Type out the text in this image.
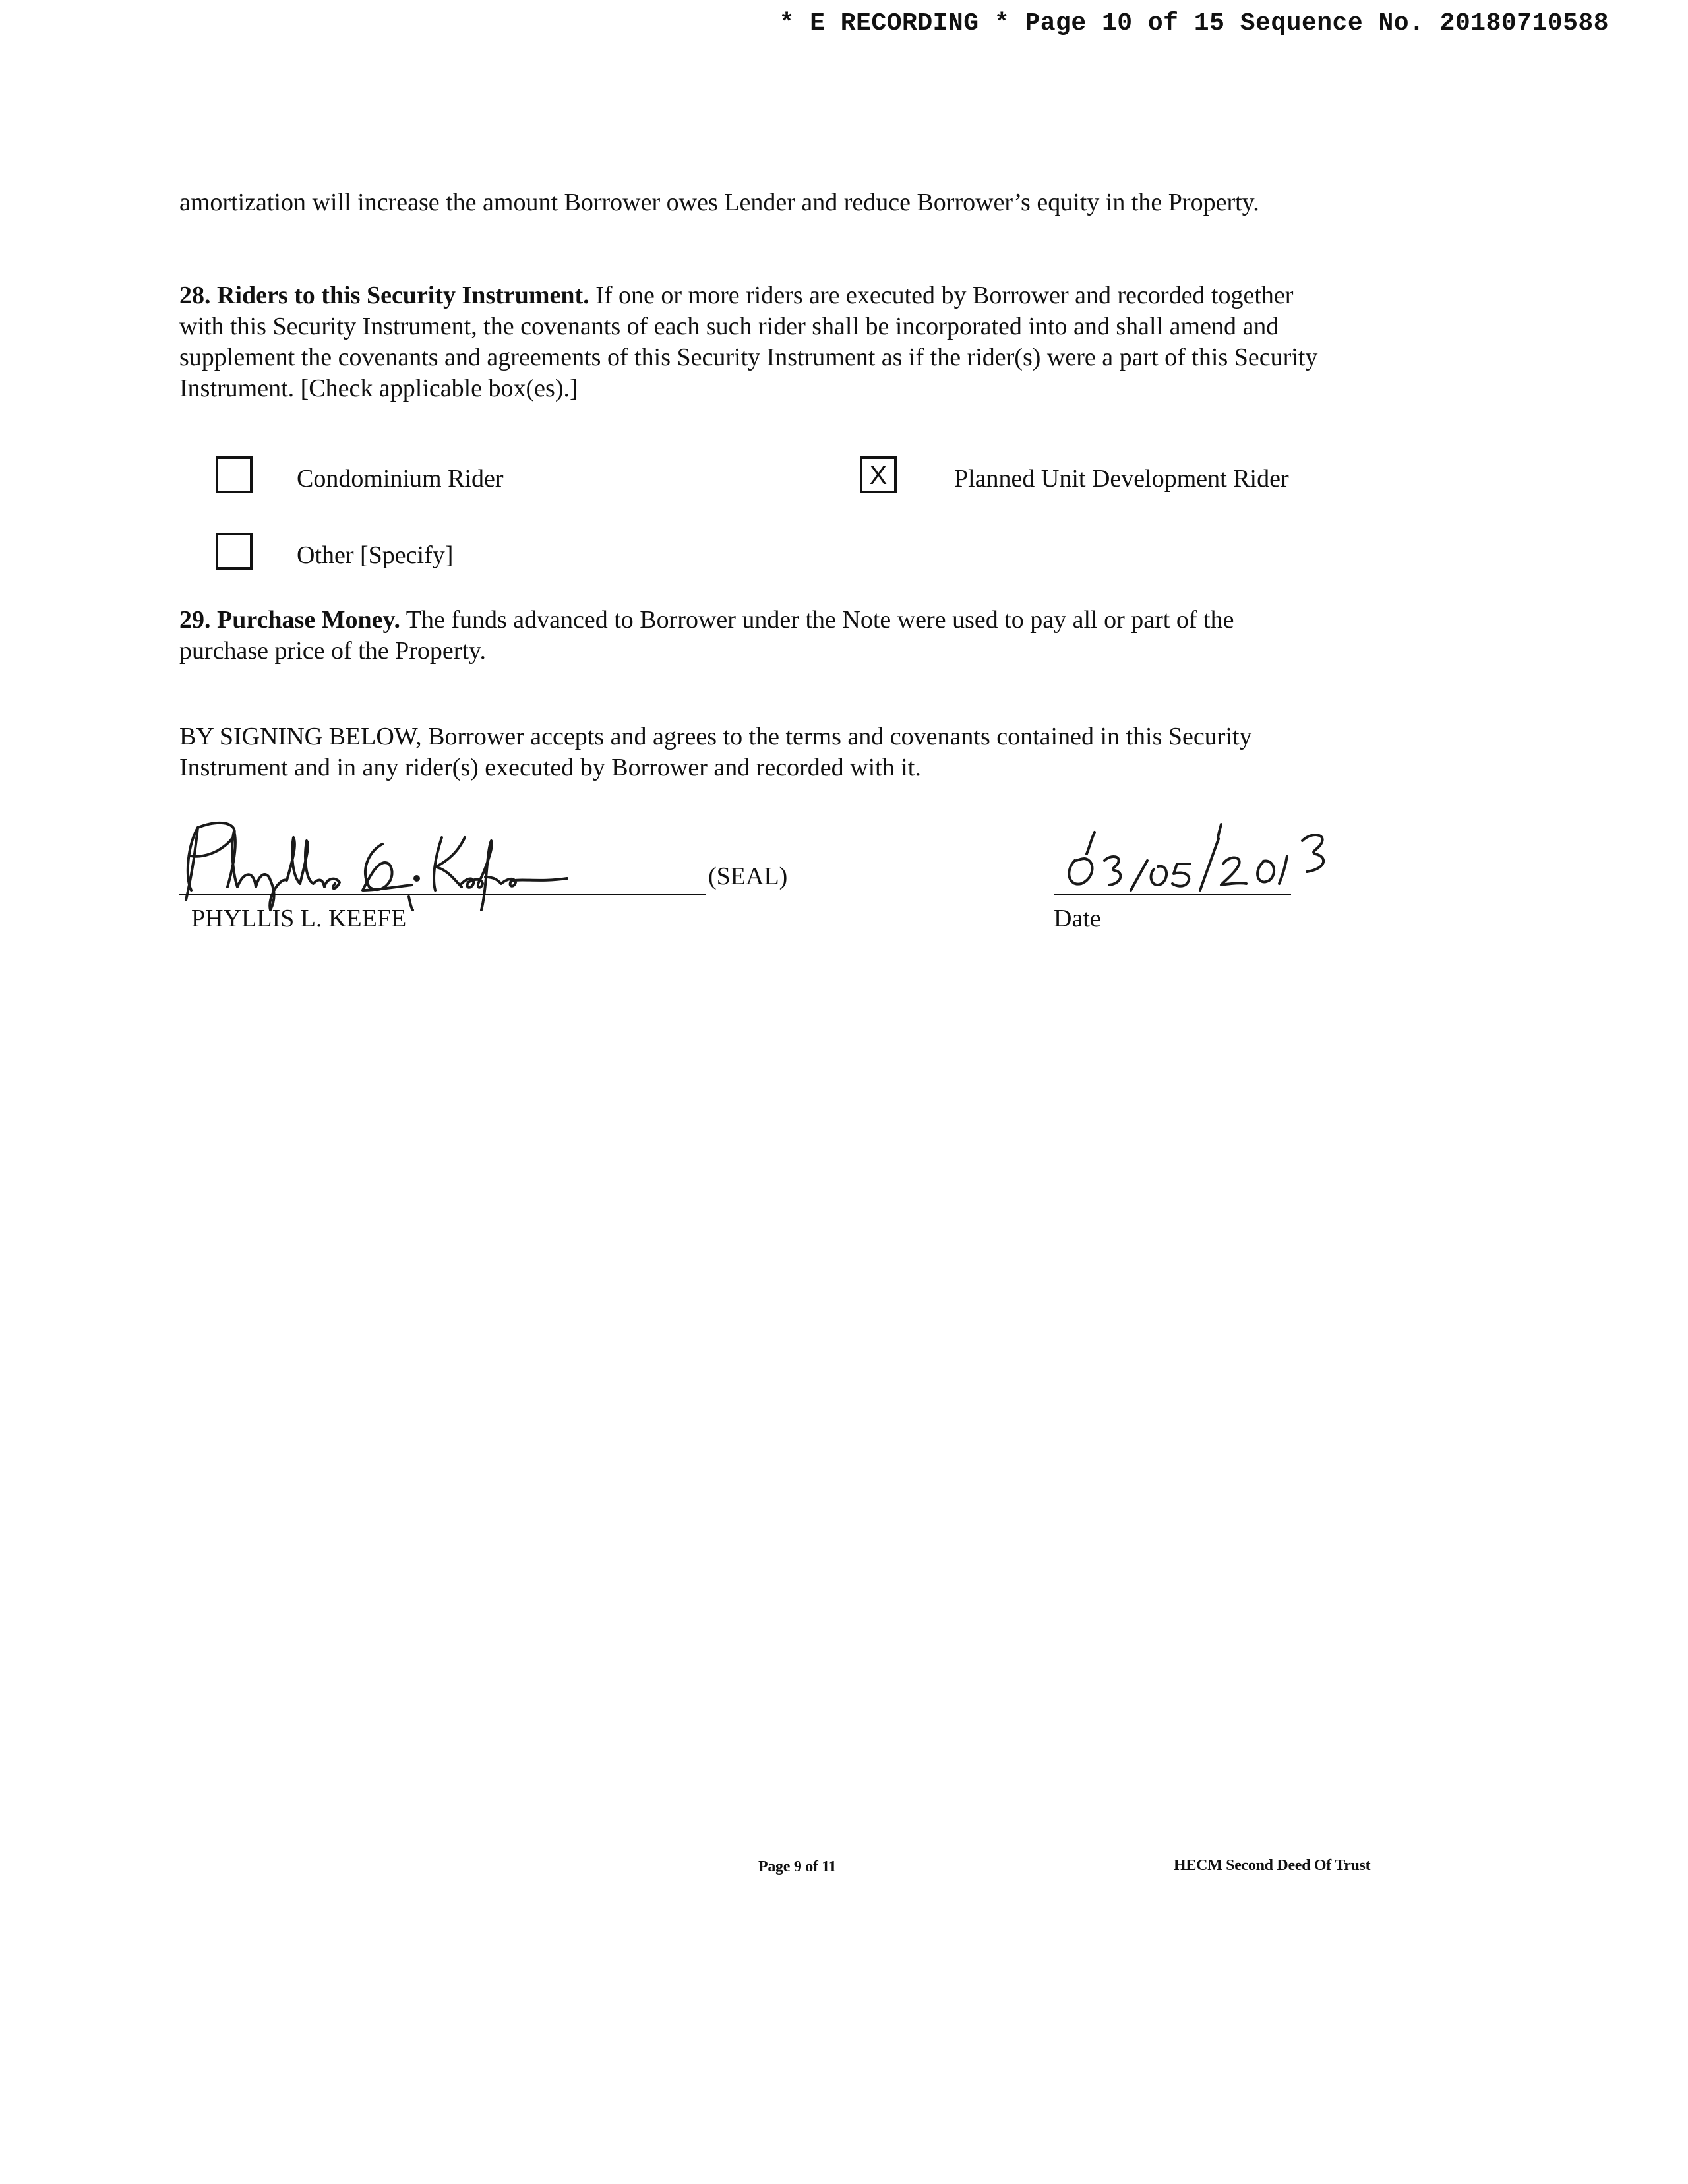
* E RECORDING * Page 10 of 15 Sequence No. 20180710588
amortization will increase the amount Borrower owes Lender and reduce Borrower’s equity in the Property.
28. Riders to this Security Instrument. If one or more riders are executed by Borrower and recorded together with this Security Instrument, the covenants of each such rider shall be incorporated into and shall amend and supplement the covenants and agreements of this Security Instrument as if the rider(s) were a part of this Security Instrument. [Check applicable box(es).]
Condominium Rider	X	Planned Unit Development Rider
Other [Specify]
29. Purchase Money. The funds advanced to Borrower under the Note were used to pay all or part of the purchase price of the Property.
BY SIGNING BELOW, Borrower accepts and agrees to the terms and covenants contained in this Security Instrument and in any rider(s) executed by Borrower and recorded with it.
(SEAL)
PHYLLIS L. KEEFE	Date
Page 9 of 11	HECM Second Deed Of Trust
